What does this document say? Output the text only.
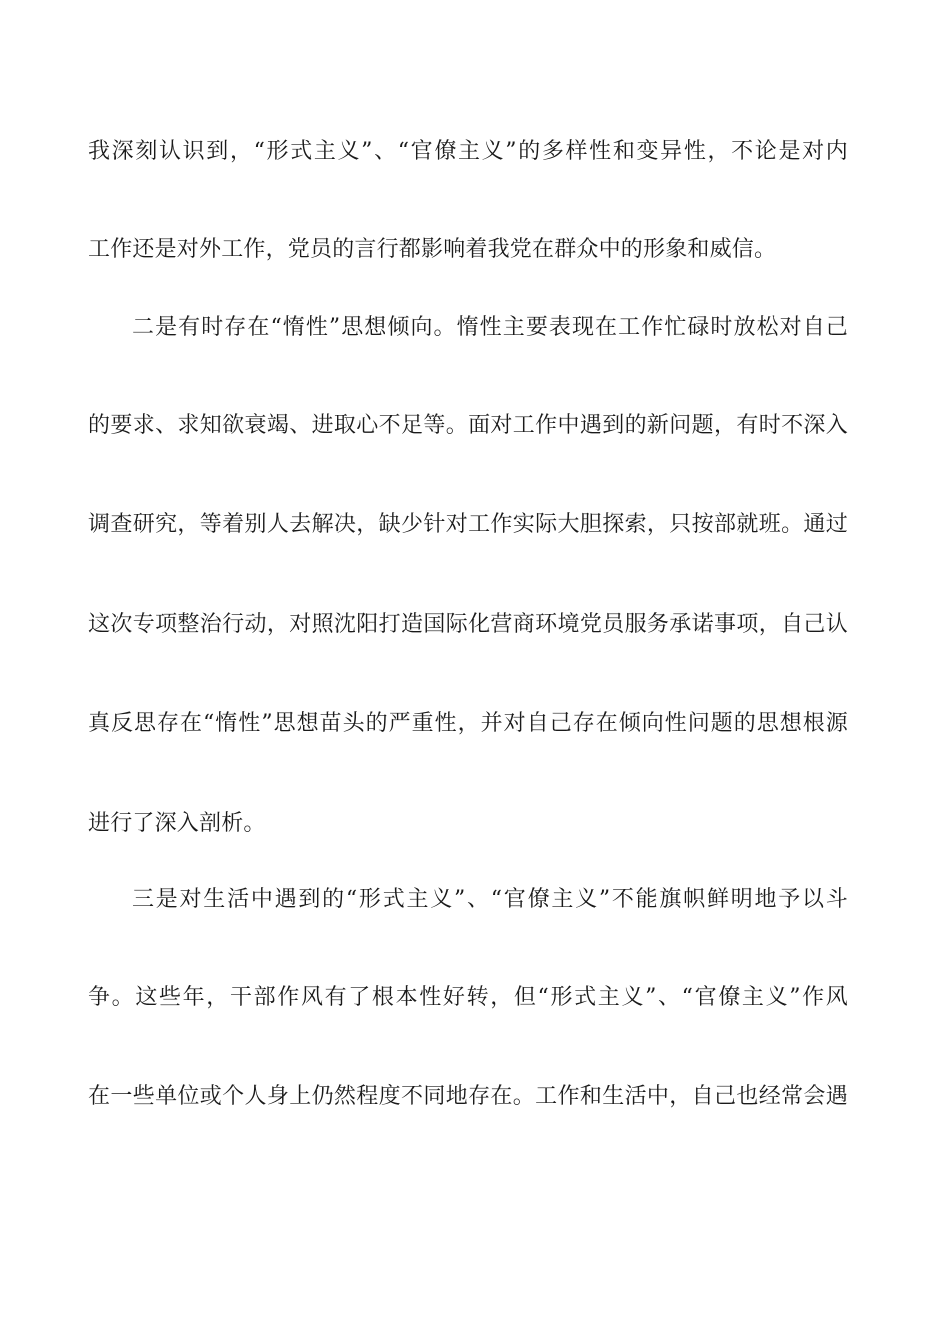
我深刻认识到，“形式主义”、“官僚主义”的多样性和变异性，不论是对内
工作还是对外工作，党员的言行都影响着我党在群众中的形象和威信。
二是有时存在“惰性”思想倾向。惰性主要表现在工作忙碌时放松对自己
的要求、求知欲衰竭、进取心不足等。面对工作中遇到的新问题，有时不深入
调查研究，等着别人去解决，缺少针对工作实际大胆探索，只按部就班。通过
这次专项整治行动，对照沈阳打造国际化营商环境党员服务承诺事项，自己认
真反思存在“惰性”思想苗头的严重性，并对自己存在倾向性问题的思想根源
进行了深入剖析。
三是对生活中遇到的“形式主义”、“官僚主义”不能旗帜鲜明地予以斗
争。这些年，干部作风有了根本性好转，但“形式主义”、“官僚主义”作风
在一些单位或个人身上仍然程度不同地存在。工作和生活中，自己也经常会遇
